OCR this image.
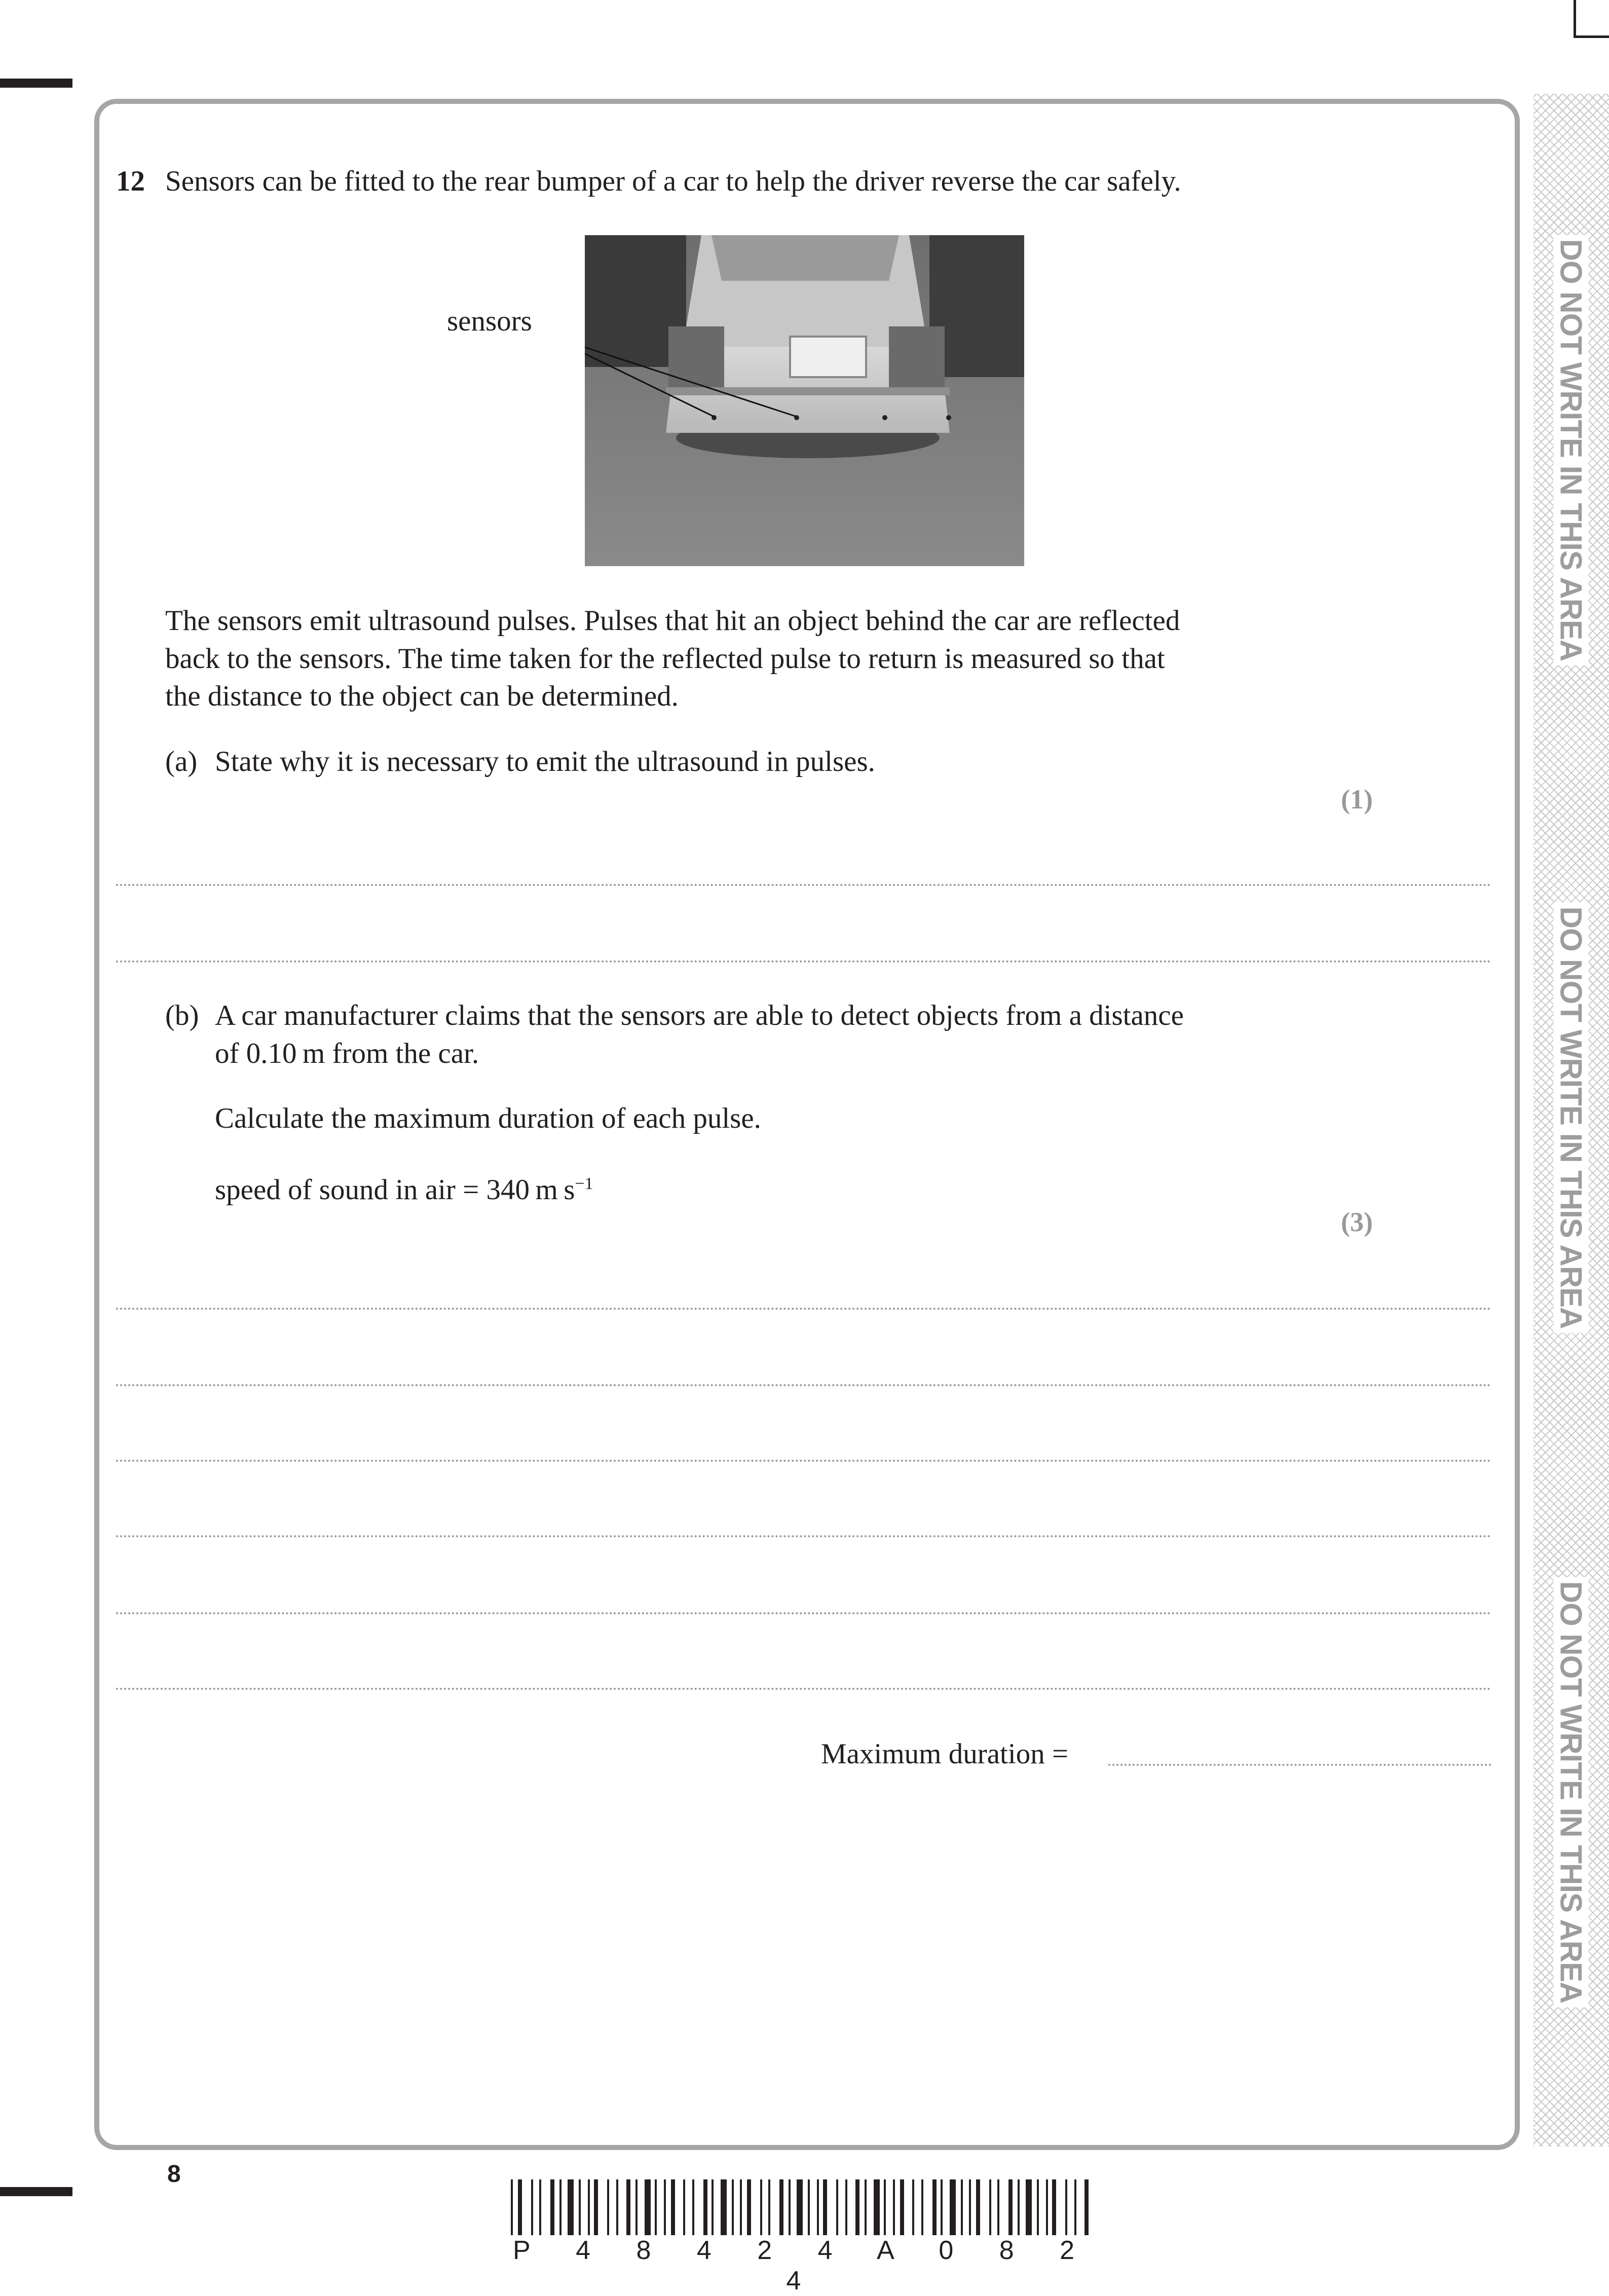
DO NOT WRITE IN THIS AREA
DO NOT WRITE IN THIS AREA
DO NOT WRITE IN THIS AREA
12 Sensors can be fitted to the rear bumper of a car to help the driver reverse the car safely.
sensors
The sensors emit ultrasound pulses. Pulses that hit an object behind the car are reflected
back to the sensors. The time taken for the reflected pulse to return is measured so that
the distance to the object can be determined.
(a) State why it is necessary to emit the ultrasound in pulses.
(1)
(b) A car manufacturer claims that the sensors are able to detect objects from a distance
of 0.10 m from the car.
Calculate the maximum duration of each pulse.
speed of sound in air = 340 m $s^{-1}$
(3)
Maximum duration =
8
P 4 8 4 2 4 A 0 8 2 4
